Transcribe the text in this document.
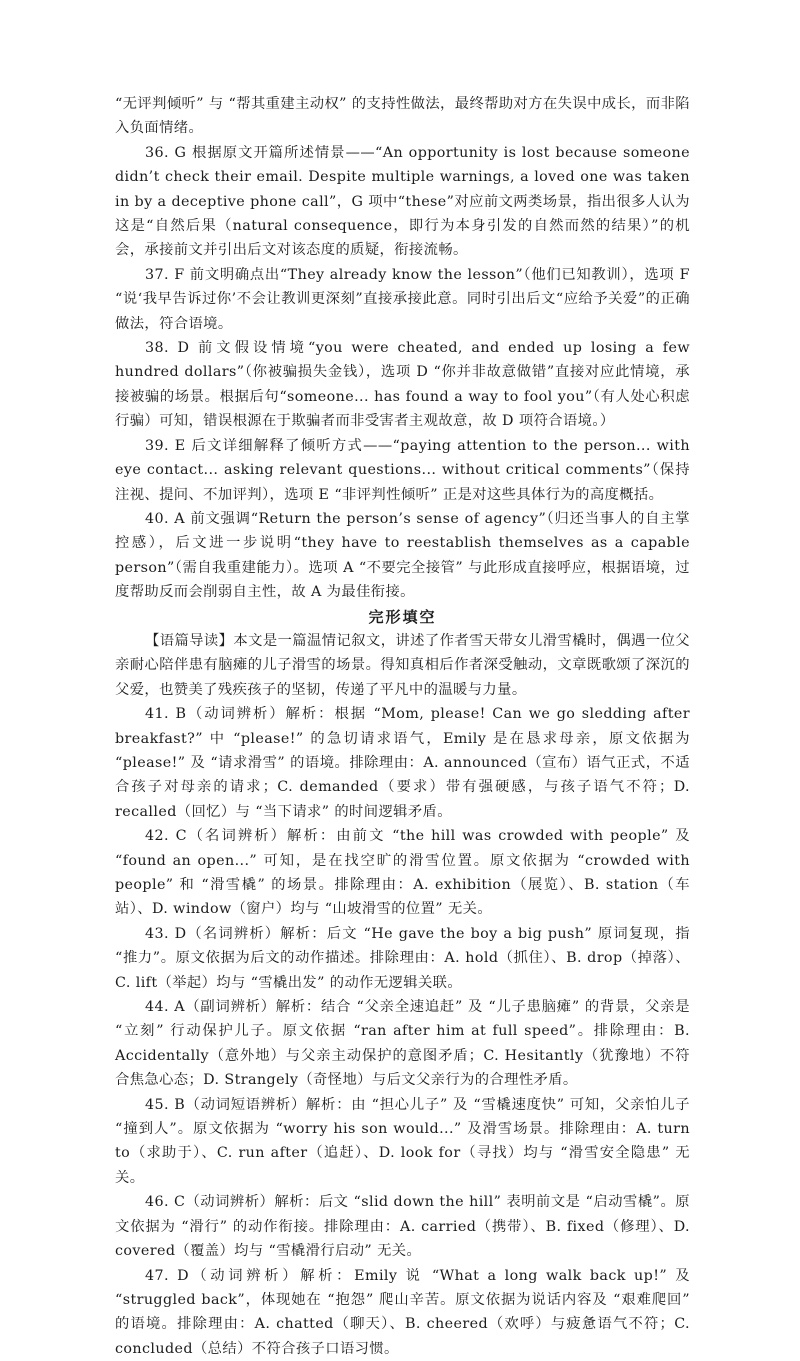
“无评判倾听” 与 “帮其重建主动权” 的支持性做法，最终帮助对方在失误中成长，而非陷入负面情绪。

36. G 根据原文开篇所述情景——“An opportunity is lost because someone didn’t check their email. Despite multiple warnings, a loved one was taken in by a deceptive phone call”，G 项中“these”对应前文两类场景，指出很多人认为这是“自然后果（natural consequence，即行为本身引发的自然而然的结果）”的机会，承接前文并引出后文对该态度的质疑，衔接流畅。

37. F 前文明确点出“They already know the lesson”（他们已知教训），选项 F “说‘我早告诉过你’不会让教训更深刻”直接承接此意。同时引出后文“应给予关爱”的正确做法，符合语境。

38. D 前文假设情境“you were cheated, and ended up losing a few hundred dollars”（你被骗损失金钱），选项 D “你并非故意做错”直接对应此情境，承接被骗的场景。根据后句“someone... has found a way to fool you”（有人处心积虑行骗）可知，错误根源在于欺骗者而非受害者主观故意，故 D 项符合语境。）

39. E 后文详细解释了倾听方式——“paying attention to the person... with eye contact... asking relevant questions... without critical comments”（保持注视、提问、不加评判），选项 E “非评判性倾听” 正是对这些具体行为的高度概括。

40. A 前文强调“Return the person’s sense of agency”（归还当事人的自主掌控感），后文进一步说明“they have to reestablish themselves as a capable person”（需自我重建能力）。选项 A “不要完全接管” 与此形成直接呼应，根据语境，过度帮助反而会削弱自主性，故 A 为最佳衔接。

完形填空

【语篇导读】本文是一篇温情记叙文，讲述了作者雪天带女儿滑雪橇时，偶遇一位父亲耐心陪伴患有脑瘫的儿子滑雪的场景。得知真相后作者深受触动，文章既歌颂了深沉的父爱，也赞美了残疾孩子的坚韧，传递了平凡中的温暖与力量。

41. B（动词辨析）解析：根据 “Mom, please! Can we go sledding after breakfast?” 中 “please!” 的急切请求语气，Emily 是在恳求母亲，原文依据为 “please!” 及 “请求滑雪” 的语境。排除理由：A. announced（宣布）语气正式，不适合孩子对母亲的请求；C. demanded（要求）带有强硬感，与孩子语气不符；D. recalled（回忆）与 “当下请求” 的时间逻辑矛盾。

42. C（名词辨析）解析：由前文 “the hill was crowded with people” 及 “found an open...” 可知，是在找空旷的滑雪位置。原文依据为 “crowded with people” 和 “滑雪橇” 的场景。排除理由：A. exhibition（展览）、B. station（车站）、D. window（窗户）均与 “山坡滑雪的位置” 无关。

43. D（名词辨析）解析：后文 “He gave the boy a big push” 原词复现，指 “推力”。原文依据为后文的动作描述。排除理由：A. hold（抓住）、B. drop（掉落）、C. lift（举起）均与 “雪橇出发” 的动作无逻辑关联。

44. A（副词辨析）解析：结合 “父亲全速追赶” 及 “儿子患脑瘫” 的背景，父亲是 “立刻” 行动保护儿子。原文依据 “ran after him at full speed”。排除理由：B. Accidentally（意外地）与父亲主动保护的意图矛盾；C. Hesitantly（犹豫地）不符合焦急心态；D. Strangely（奇怪地）与后文父亲行为的合理性矛盾。

45. B（动词短语辨析）解析：由 “担心儿子” 及 “雪橇速度快” 可知，父亲怕儿子 “撞到人”。原文依据为 “worry his son would...” 及滑雪场景。排除理由：A. turn to（求助于）、C. run after（追赶）、D. look for（寻找）均与 “滑雪安全隐患” 无关。

46. C（动词辨析）解析：后文 “slid down the hill” 表明前文是 “启动雪橇”。原文依据为 “滑行” 的动作衔接。排除理由：A. carried（携带）、B. fixed（修理）、D. covered（覆盖）均与 “雪橇滑行启动” 无关。

47. D（动词辨析）解析：Emily 说 “What a long walk back up!” 及 “struggled back”，体现她在 “抱怨” 爬山辛苦。原文依据为说话内容及 “艰难爬回” 的语境。排除理由：A. chatted（聊天）、B. cheered（欢呼）与疲惫语气不符；C. concluded（总结）不符合孩子口语习惯。
